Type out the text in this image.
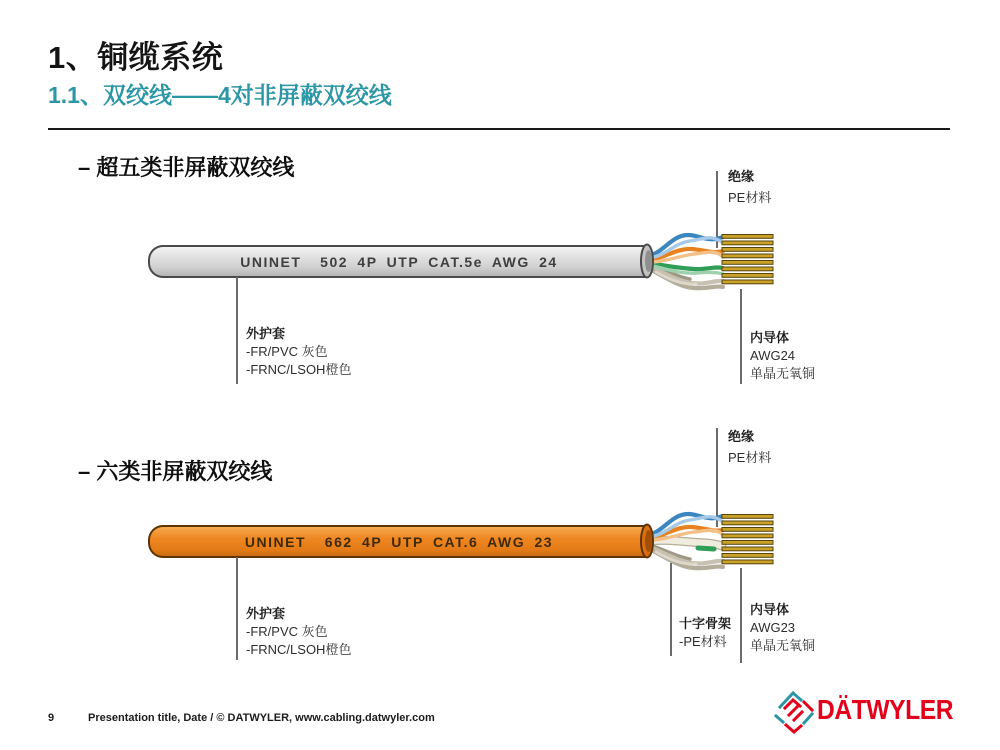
1、铜缆系统
1.1、双绞线——4对非屏蔽双绞线
– 超五类非屏蔽双绞线	绝缘
PE材料
UNINET  502 4P UTP CAT.5e AWG 24
外护套
-FR/PVC 灰色
-FRNC/LSOH橙色
内导体
AWG24
单晶无氧铜
– 六类非屏蔽双绞线
绝缘
PE材料
UNINET  662 4P UTP CAT.6 AWG 23
外护套
-FR/PVC 灰色
-FRNC/LSOH橙色
十字骨架
-PE材料
内导体
AWG23
单晶无氧铜
9	Presentation title, Date / © DATWYLER, www.cabling.datwyler.com	DÄTWYLER
